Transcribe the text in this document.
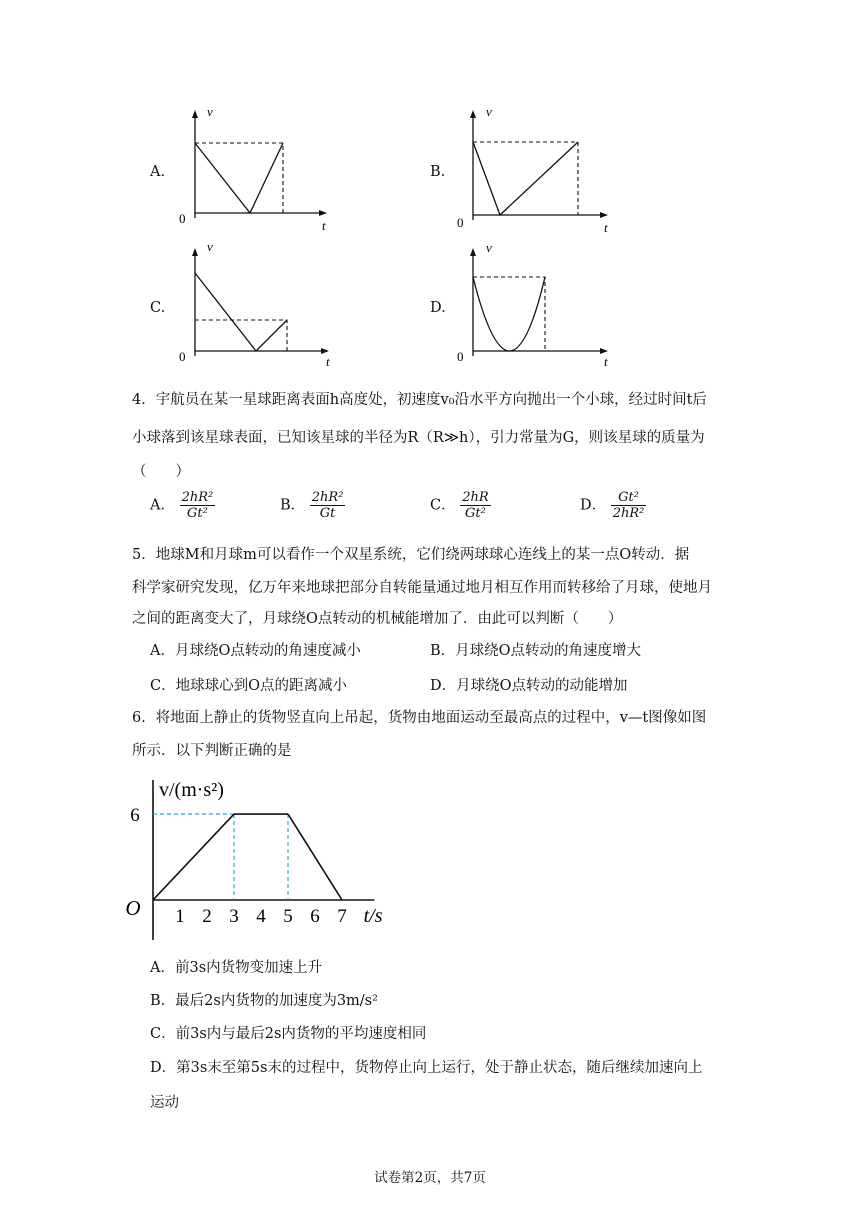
A.
v
0	t
B.
v
0	t
C.
v
0	t
D.
v
0	t
4．宇航员在某一星球距离表面h高度处，初速度v₀沿水平方向抛出一个小球，经过时间t后
小球落到该星球表面，已知该星球的半径为R（R≫h），引力常量为G，则该星球的质量为
（　　）
A． $\frac{\text{2hR²}}{\text{Gt²}}$	B． $\frac{\text{2hR²}}{Gt}$	C． $\frac{2hR}{\text{Gt²}}$	D． $\frac{\text{Gt²}}{\text{2hR²}}$
5．地球M和月球m可以看作一个双星系统，它们绕两球球心连线上的某一点O转动．据
科学家研究发现，亿万年来地球把部分自转能量通过地月相互作用而转移给了月球，使地月
之间的距离变大了，月球绕O点转动的机械能增加了．由此可以判断（　　）
A．月球绕O点转动的角速度减小	B．月球绕O点转动的角速度增大
C．地球球心到O点的距离减小	D．月球绕O点转动的动能增加
6．将地面上静止的货物竖直向上吊起，货物由地面运动至最高点的过程中，v—t图像如图
所示．以下判断正确的是
1 2 3 4 5 6 7
6
O
v/(m·s²)
t/s
A．前3s内货物变加速上升
B．最后2s内货物的加速度为3m/s²
C．前3s内与最后2s内货物的平均速度相同
D．第3s末至第5s末的过程中，货物停止向上运行，处于静止状态，随后继续加速向上
运动
试卷第2页，共7页
